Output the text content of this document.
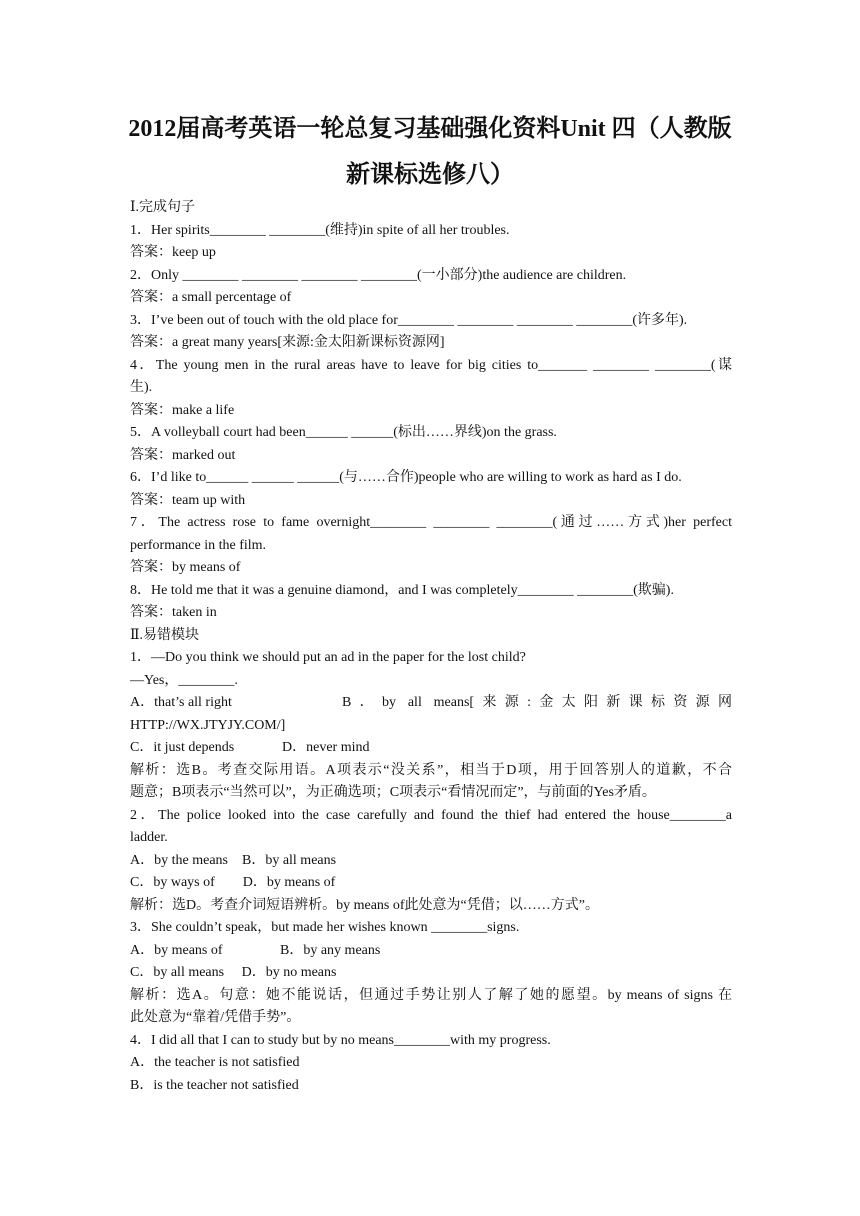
2012届高考英语一轮总复习基础强化资料Unit 四（人教版
新课标选修八）

Ⅰ.完成句子

1．Her spirits________ ________(维持)in spite of all her troubles.

答案：keep up

2．Only ________ ________ ________ ________(一小部分)the audience are children.

答案：a small percentage of

3．I’ve been out of touch with the old place for________ ________ ________ ________(许多年).

答案：a great many years[来源:金太阳新课标资源网]

4．The young men in the rural areas have to leave for big cities to_______ ________ ________(谋

生).

答案：make a life

5．A volleyball court had been______ ______(标出……界线)on the grass.

答案：marked out

6．I’d like to______ ______ ______(与……合作)people who are willing to work as hard as I do.

答案：team up with

7．The actress rose to fame overnight________ ________ ________(通过……方式)her perfect

performance in the film.

答案：by means of

8．He told me that it was a genuine diamond，and I was completely________ ________(欺骗).

答案：taken in

Ⅱ.易错模块

1．—Do you think we should put an ad in the paper for the lost child?

—Yes，________.

A．that’s all right	B．by all means[来源:金太阳新课标资源网

HTTP://WX.JTYJY.COM/]

C．it just depends	D．never mind

解析：选B。考查交际用语。A项表示“没关系”，相当于D项，用于回答别人的道歉，不合

题意；B项表示“当然可以”，为正确选项；C项表示“看情况而定”，与前面的Yes矛盾。

2．The police looked into the case carefully and found the thief had entered the house________a

ladder.

A．by the means　B．by all means

C．by ways of　　D．by means of

解析：选D。考查介词短语辨析。by means of此处意为“凭借；以……方式”。

3．She couldn’t speak，but made her wishes known ________signs.

A．by means of	B．by any means

C．by all means　 D．by no means

解析：选A。句意：她不能说话，但通过手势让别人了解了她的愿望。by means of signs 在

此处意为“靠着/凭借手势”。

4．I did all that I can to study but by no means________with my progress.

A．the teacher is not satisfied

B．is the teacher not satisfied
